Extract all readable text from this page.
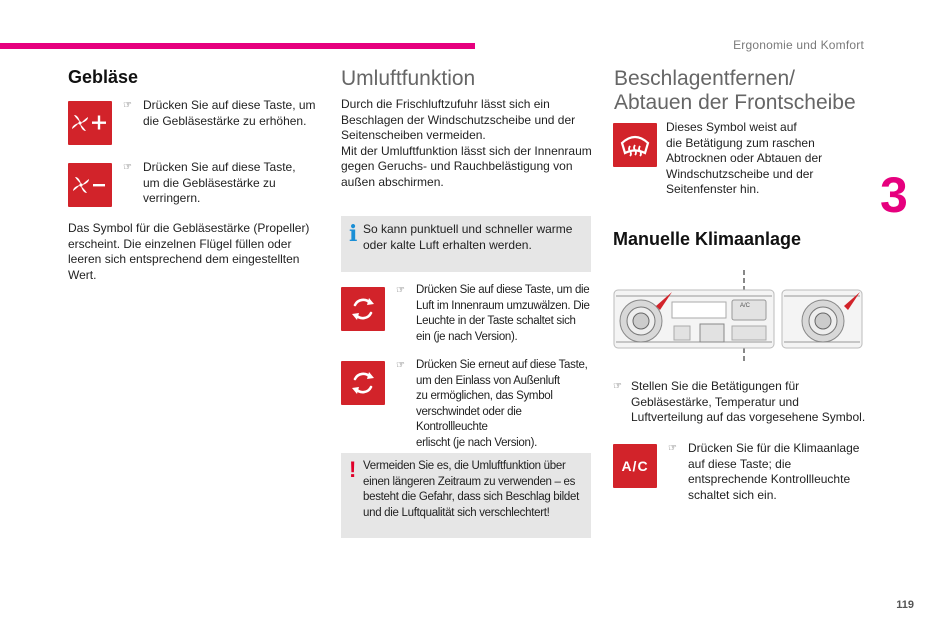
Ergonomie und Komfort
3
119
Gebläse
☞ Drücken Sie auf diese Taste, um
die Gebläsestärke zu erhöhen.
☞ Drücken Sie auf diese Taste,
um die Gebläsestärke zu
verringern.
Das Symbol für die Gebläsestärke (Propeller)
erscheint. Die einzelnen Flügel füllen oder
leeren sich entsprechend dem eingestellten
Wert.
Umluftfunktion
Durch die Frischluftzufuhr lässt sich ein
Beschlagen der Windschutzscheibe und der
Seitenscheiben vermeiden.
Mit der Umluftfunktion lässt sich der Innenraum
gegen Geruchs- und Rauchbelästigung von
außen abschirmen.
i So kann punktuell und schneller warme
oder kalte Luft erhalten werden.
☞ Drücken Sie auf diese Taste, um die
Luft im Innenraum umzuwälzen. Die
Leuchte in der Taste schaltet sich
ein (je nach Version).
☞ Drücken Sie erneut auf diese Taste,
um den Einlass von Außenluft
zu ermöglichen, das Symbol
verschwindet oder die Kontrollleuchte
erlischt (je nach Version).
! Vermeiden Sie es, die Umluftfunktion über
einen längeren Zeitraum zu verwenden – es
besteht die Gefahr, dass sich Beschlag bildet
und die Luftqualität sich verschlechtert!
Beschlagentfernen/
Abtauen der Frontscheibe
Dieses Symbol weist auf
die Betätigung zum raschen
Abtrocknen oder Abtauen der
Windschutzscheibe und der
Seitenfenster hin.
Manuelle Klimaanlage
A/C
☞ Stellen Sie die Betätigungen für
Gebläsestärke, Temperatur und
Luftverteilung auf das vorgesehene Symbol.
A/C
☞ Drücken Sie für die Klimaanlage
auf diese Taste; die
entsprechende Kontrollleuchte
schaltet sich ein.
